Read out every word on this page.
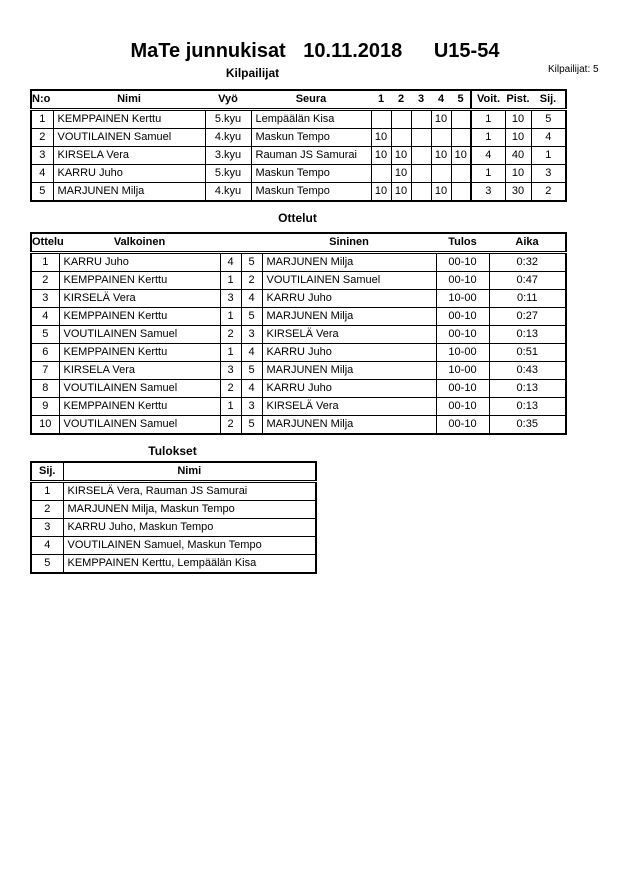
MaTe junnukisat 10.11.2018 U15-54
Kilpailijat	Kilpailijat: 5
N:o	Nimi	Vyö	Seura	1	2	3	4	5	Voit.	Pist.	Sij.
1	KEMPPAINEN Kerttu	5.kyu	Lempäälän Kisa				10		1	10	5
2	VOUTILAINEN Samuel	4.kyu	Maskun Tempo	10					1	10	4
3	KIRSELA Vera	3.kyu	Rauman JS Samurai	10	10		10	10	4	40	1
4	KARRU Juho	5.kyu	Maskun Tempo		10				1	10	3
5	MARJUNEN Milja	4.kyu	Maskun Tempo	10	10		10		3	30	2
Ottelut
Ottelu	Valkoinen			Sininen	Tulos	Aika
1	KARRU Juho	4	5	MARJUNEN Milja	00-10	0:32
2	KEMPPAINEN Kerttu	1	2	VOUTILAINEN Samuel	00-10	0:47
3	KIRSELÄ Vera	3	4	KARRU Juho	10-00	0:11
4	KEMPPAINEN Kerttu	1	5	MARJUNEN Milja	00-10	0:27
5	VOUTILAINEN Samuel	2	3	KIRSELÄ Vera	00-10	0:13
6	KEMPPAINEN Kerttu	1	4	KARRU Juho	10-00	0:51
7	KIRSELA Vera	3	5	MARJUNEN Milja	10-00	0:43
8	VOUTILAINEN Samuel	2	4	KARRU Juho	00-10	0:13
9	KEMPPAINEN Kerttu	1	3	KIRSELÄ Vera	00-10	0:13
10	VOUTILAINEN Samuel	2	5	MARJUNEN Milja	00-10	0:35
Tulokset
Sij.	Nimi
1	KIRSELÄ Vera, Rauman JS Samurai
2	MARJUNEN Milja, Maskun Tempo
3	KARRU Juho, Maskun Tempo
4	VOUTILAINEN Samuel, Maskun Tempo
5	KEMPPAINEN Kerttu, Lempäälän Kisa
